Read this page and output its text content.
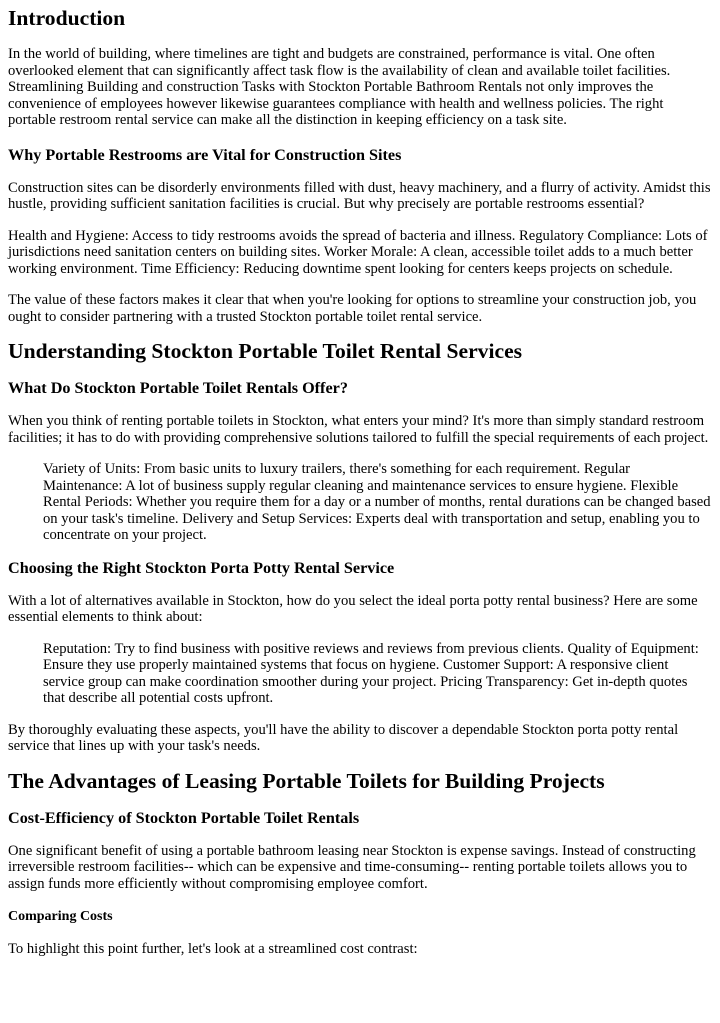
Introduction

In the world of building, where timelines are tight and budgets are constrained, performance is vital. One often overlooked element that can significantly affect task flow is the availability of clean and available toilet facilities. Streamlining Building and construction Tasks with Stockton Portable Bathroom Rentals not only improves the convenience of employees however likewise guarantees compliance with health and wellness policies. The right portable restroom rental service can make all the distinction in keeping efficiency on a task site.

Why Portable Restrooms are Vital for Construction Sites

Construction sites can be disorderly environments filled with dust, heavy machinery, and a flurry of activity. Amidst this hustle, providing sufficient sanitation facilities is crucial. But why precisely are portable restrooms essential?

Health and Hygiene: Access to tidy restrooms avoids the spread of bacteria and illness. Regulatory Compliance: Lots of jurisdictions need sanitation centers on building sites. Worker Morale: A clean, accessible toilet adds to a much better working environment. Time Efficiency: Reducing downtime spent looking for centers keeps projects on schedule.

The value of these factors makes it clear that when you're looking for options to streamline your construction job, you ought to consider partnering with a trusted Stockton portable toilet rental service.

Understanding Stockton Portable Toilet Rental Services
What Do Stockton Portable Toilet Rentals Offer?

When you think of renting portable toilets in Stockton, what enters your mind? It's more than simply standard restroom facilities; it has to do with providing comprehensive solutions tailored to fulfill the special requirements of each project.

Variety of Units: From basic units to luxury trailers, there's something for each requirement. Regular Maintenance: A lot of business supply regular cleaning and maintenance services to ensure hygiene. Flexible Rental Periods: Whether you require them for a day or a number of months, rental durations can be changed based on your task's timeline. Delivery and Setup Services: Experts deal with transportation and setup, enabling you to concentrate on your project.
Choosing the Right Stockton Porta Potty Rental Service

With a lot of alternatives available in Stockton, how do you select the ideal porta potty rental business? Here are some essential elements to think about:

Reputation: Try to find business with positive reviews and reviews from previous clients. Quality of Equipment: Ensure they use properly maintained systems that focus on hygiene. Customer Support: A responsive client service group can make coordination smoother during your project. Pricing Transparency: Get in-depth quotes that describe all potential costs upfront.

By thoroughly evaluating these aspects, you'll have the ability to discover a dependable Stockton porta potty rental service that lines up with your task's needs.

The Advantages of Leasing Portable Toilets for Building Projects
Cost-Efficiency of Stockton Portable Toilet Rentals

One significant benefit of using a portable bathroom leasing near Stockton is expense savings. Instead of constructing irreversible restroom facilities-- which can be expensive and time-consuming-- renting portable toilets allows you to assign funds more efficiently without compromising employee comfort.

Comparing Costs

To highlight this point further, let's look at a streamlined cost contrast:
